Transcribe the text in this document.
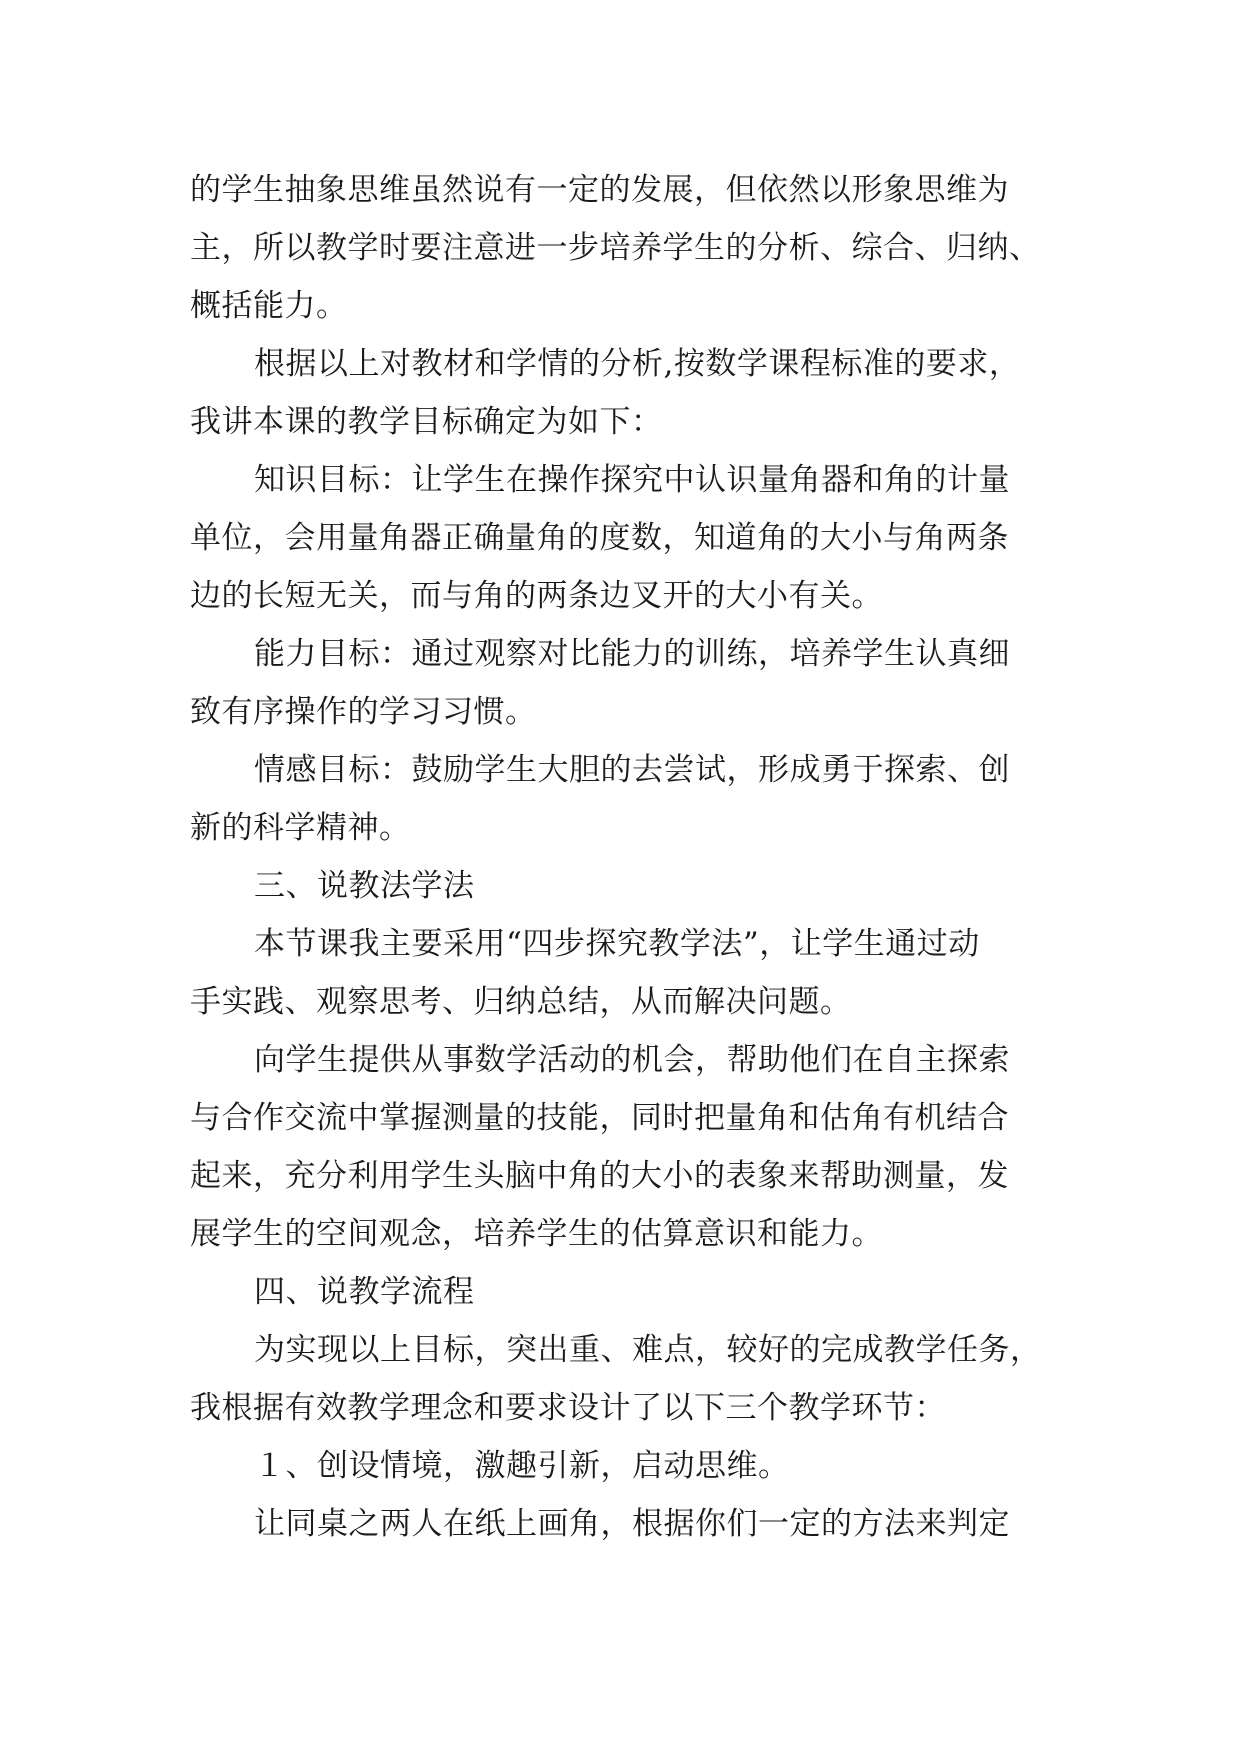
的学生抽象思维虽然说有一定的发展，但依然以形象思维为

主，所以教学时要注意进一步培养学生的分析、综合、归纳、

概括能力。

根据以上对教材和学情的分析,按数学课程标准的要求，

我讲本课的教学目标确定为如下：

知识目标：让学生在操作探究中认识量角器和角的计量

单位，会用量角器正确量角的度数，知道角的大小与角两条

边的长短无关，而与角的两条边叉开的大小有关。

能力目标：通过观察对比能力的训练，培养学生认真细

致有序操作的学习习惯。

情感目标：鼓励学生大胆的去尝试，形成勇于探索、创

新的科学精神。

三、说教法学法

本节课我主要采用“四步探究教学法”，让学生通过动

手实践、观察思考、归纳总结，从而解决问题。

向学生提供从事数学活动的机会，帮助他们在自主探索

与合作交流中掌握测量的技能，同时把量角和估角有机结合

起来，充分利用学生头脑中角的大小的表象来帮助测量，发

展学生的空间观念，培养学生的估算意识和能力。

四、说教学流程

为实现以上目标，突出重、难点，较好的完成教学任务，

我根据有效教学理念和要求设计了以下三个教学环节：

１、创设情境，激趣引新，启动思维。

让同桌之两人在纸上画角，根据你们一定的方法来判定
